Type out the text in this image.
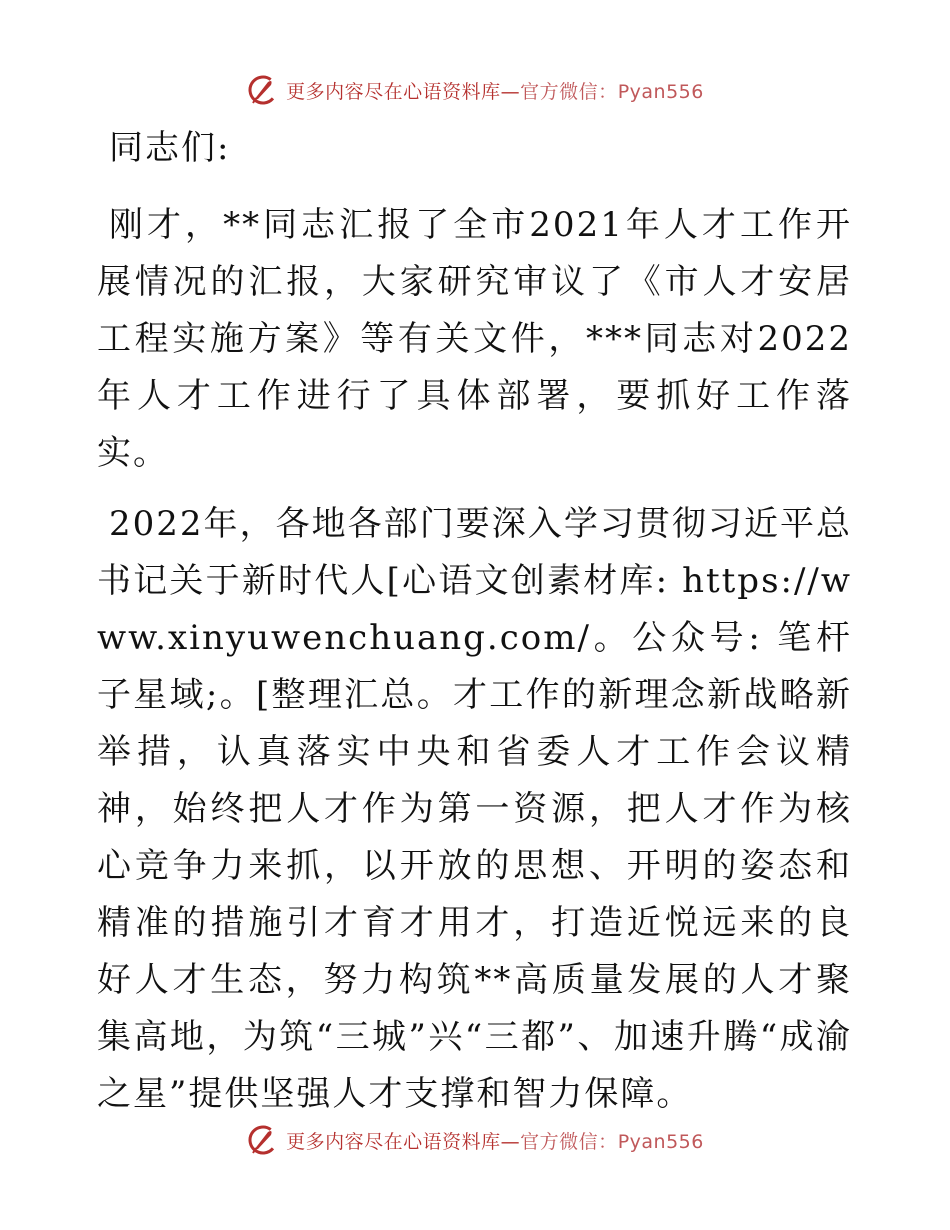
更多内容尽在心语资料库—官方微信：Pyan556

同志们:

刚才，**同志汇报了全市2021年人才工作开展情况的汇报，大家研究审议了《市人才安居工程实施方案》等有关文件，***同志对2022年人才工作进行了具体部署，要抓好工作落实。

2022年，各地各部门要深入学习贯彻习近平总书记关于新时代人[心语文创素材库: https://www.xinyuwenchuang.com/。公众号: 笔杆子星域;。[整理汇总。才工作的新理念新战略新举措，认真落实中央和省委人才工作会议精神，始终把人才作为第一资源，把人才作为核心竞争力来抓，以开放的思想、开明的姿态和精准的措施引才育才用才，打造近悦远来的良好人才生态，努力构筑**高质量发展的人才聚集高地，为筑“三城”兴“三都”、加速升腾“成渝之星”提供坚强人才支撑和智力保障。

更多内容尽在心语资料库—官方微信：Pyan556
